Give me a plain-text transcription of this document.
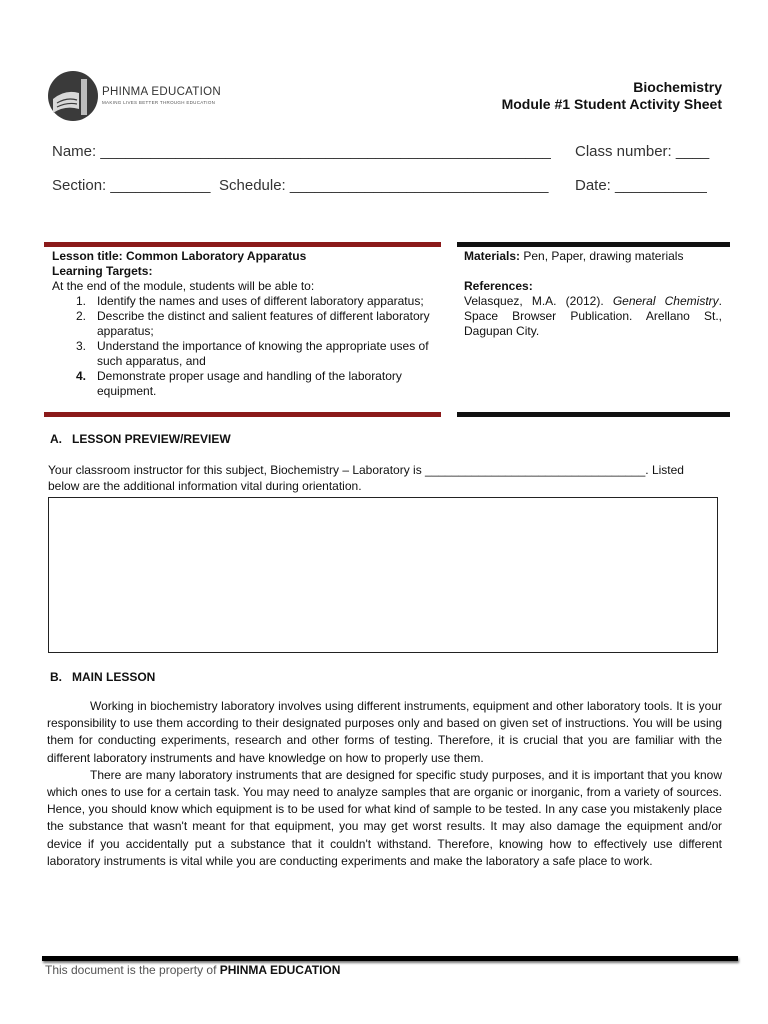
PHINMA EDUCATION
MAKING LIVES BETTER THROUGH EDUCATION
Biochemistry
Module #1 Student Activity Sheet
Name: ______________________________________________________ Class number: ____
Section: ____________ Schedule: _______________________________ Date: ___________
Lesson title: Common Laboratory Apparatus
Learning Targets:
At the end of the module, students will be able to:
1. Identify the names and uses of different laboratory apparatus;
2. Describe the distinct and salient features of different laboratory apparatus;
3. Understand the importance of knowing the appropriate uses of such apparatus, and
4. Demonstrate proper usage and handling of the laboratory equipment.
Materials: Pen, Paper, drawing materials
References:
Velasquez, M.A. (2012). General Chemistry. Space Browser Publication. Arellano St., Dagupan City.
A.   LESSON PREVIEW/REVIEW
Your classroom instructor for this subject, Biochemistry – Laboratory is _________________________________. Listed below are the additional information vital during orientation.
B.   MAIN LESSON

Working in biochemistry laboratory involves using different instruments, equipment and other laboratory tools. It is your responsibility to use them according to their designated purposes only and based on given set of instructions. You will be using them for conducting experiments, research and other forms of testing. Therefore, it is crucial that you are familiar with the different laboratory instruments and have knowledge on how to properly use them.

There are many laboratory instruments that are designed for specific study purposes, and it is important that you know which ones to use for a certain task. You may need to analyze samples that are organic or inorganic, from a variety of sources. Hence, you should know which equipment is to be used for what kind of sample to be tested. In any case you mistakenly place the substance that wasn't meant for that equipment, you may get worst results. It may also damage the equipment and/or device if you accidentally put a substance that it couldn't withstand. Therefore, knowing how to effectively use different laboratory instruments is vital while you are conducting experiments and make the laboratory a safe place to work.

This document is the property of PHINMA EDUCATION
